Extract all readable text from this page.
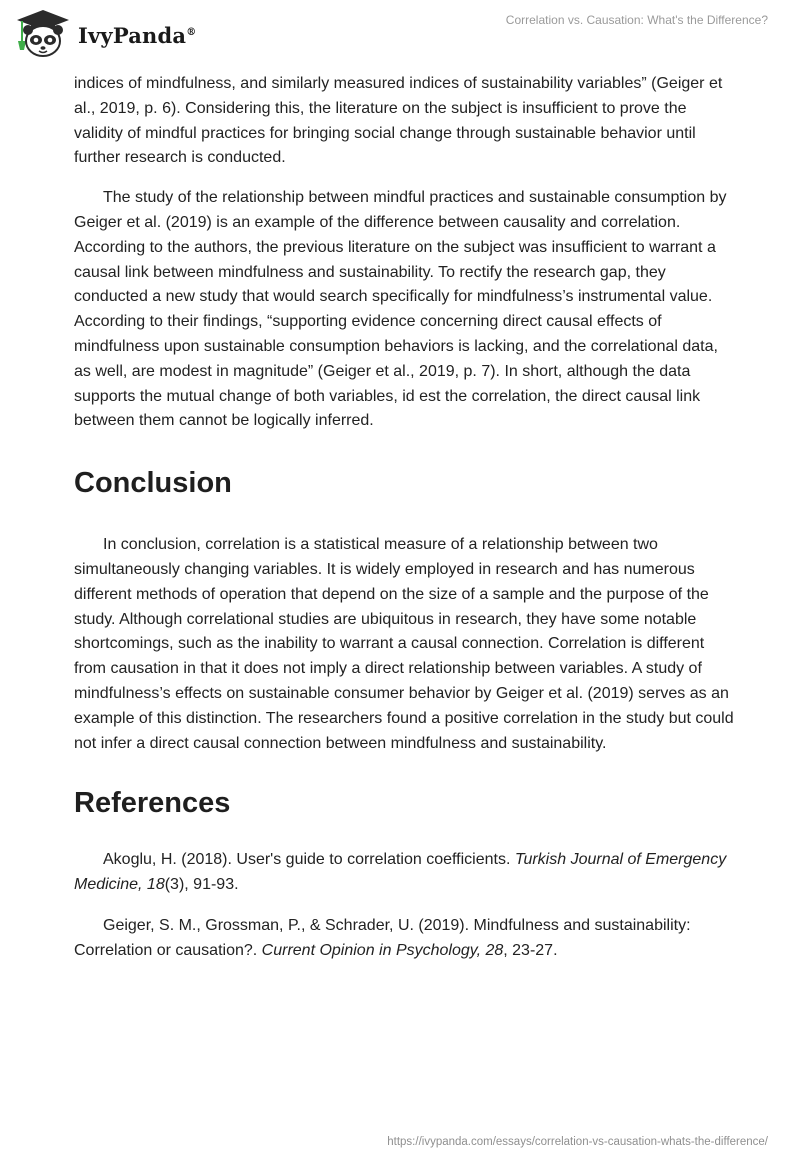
IvyPanda®
Correlation vs. Causation: What's the Difference?

indices of mindfulness, and similarly measured indices of sustainability variables” (Geiger et al., 2019, p. 6). Considering this, the literature on the subject is insufficient to prove the validity of mindful practices for bringing social change through sustainable behavior until further research is conducted.

The study of the relationship between mindful practices and sustainable consumption by Geiger et al. (2019) is an example of the difference between causality and correlation. According to the authors, the previous literature on the subject was insufficient to warrant a causal link between mindfulness and sustainability. To rectify the research gap, they conducted a new study that would search specifically for mindfulness’s instrumental value. According to their findings, “supporting evidence concerning direct causal effects of mindfulness upon sustainable consumption behaviors is lacking, and the correlational data, as well, are modest in magnitude” (Geiger et al., 2019, p. 7). In short, although the data supports the mutual change of both variables, id est the correlation, the direct causal link between them cannot be logically inferred.

Conclusion

In conclusion, correlation is a statistical measure of a relationship between two simultaneously changing variables. It is widely employed in research and has numerous different methods of operation that depend on the size of a sample and the purpose of the study. Although correlational studies are ubiquitous in research, they have some notable shortcomings, such as the inability to warrant a causal connection. Correlation is different from causation in that it does not imply a direct relationship between variables. A study of mindfulness’s effects on sustainable consumer behavior by Geiger et al. (2019) serves as an example of this distinction. The researchers found a positive correlation in the study but could not infer a direct causal connection between mindfulness and sustainability.

References

Akoglu, H. (2018). User's guide to correlation coefficients. Turkish Journal of Emergency Medicine, 18(3), 91-93.

Geiger, S. M., Grossman, P., & Schrader, U. (2019). Mindfulness and sustainability: Correlation or causation?. Current Opinion in Psychology, 28, 23-27.

https://ivypanda.com/essays/correlation-vs-causation-whats-the-difference/
